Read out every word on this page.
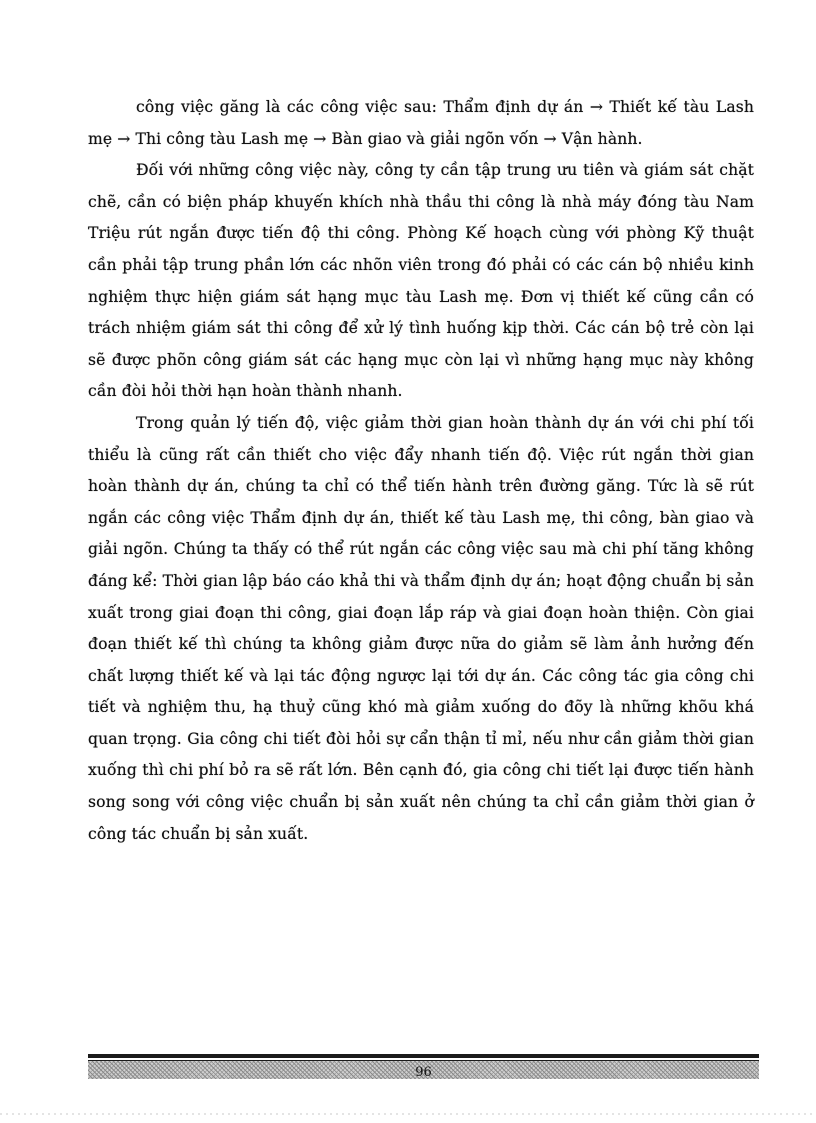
công việc găng là các công việc sau: Thẩm định dự án → Thiết kế tàu Lash mẹ → Thi công tàu Lash mẹ → Bàn giao và giải ngõn vốn → Vận hành.

Đối với những công việc này, công ty cần tập trung ưu tiên và giám sát chặt chẽ, cần có biện pháp khuyến khích nhà thầu thi công là nhà máy đóng tàu Nam Triệu rút ngắn được tiến độ thi công. Phòng Kế hoạch cùng với phòng Kỹ thuật cần phải tập trung phần lớn các nhõn viên trong đó phải có các cán bộ nhiều kinh nghiệm thực hiện giám sát hạng mục tàu Lash mẹ. Đơn vị thiết kế cũng cần có trách nhiệm giám sát thi công để xử lý tình huống kịp thời. Các cán bộ trẻ còn lại sẽ được phõn công giám sát các hạng mục còn lại vì những hạng mục này không cần đòi hỏi thời hạn hoàn thành nhanh.

Trong quản lý tiến độ, việc giảm thời gian hoàn thành dự án với chi phí tối thiểu là cũng rất cần thiết cho việc đẩy nhanh tiến độ. Việc rút ngắn thời gian hoàn thành dự án, chúng ta chỉ có thể tiến hành trên đường găng. Tức là sẽ rút ngắn các công việc Thẩm định dự án, thiết kế tàu Lash mẹ, thi công, bàn giao và giải ngõn. Chúng ta thấy có thể rút ngắn các công việc sau mà chi phí tăng không đáng kể: Thời gian lập báo cáo khả thi và thẩm định dự án; hoạt động chuẩn bị sản xuất trong giai đoạn thi công, giai đoạn lắp ráp và giai đoạn hoàn thiện. Còn giai đoạn thiết kế thì chúng ta không giảm được nữa do giảm sẽ làm ảnh hưởng đến chất lượng thiết kế và lại tác động ngược lại tới dự án. Các công tác gia công chi tiết và nghiệm thu, hạ thuỷ cũng khó mà giảm xuống do đõy là những khõu khá quan trọng. Gia công chi tiết đòi hỏi sự cẩn thận tỉ mỉ, nếu như cần giảm thời gian xuống thì chi phí bỏ ra sẽ rất lớn. Bên cạnh đó, gia công chi tiết lại được tiến hành song song với công việc chuẩn bị sản xuất nên chúng ta chỉ cần giảm thời gian ở công tác chuẩn bị sản xuất.

96
